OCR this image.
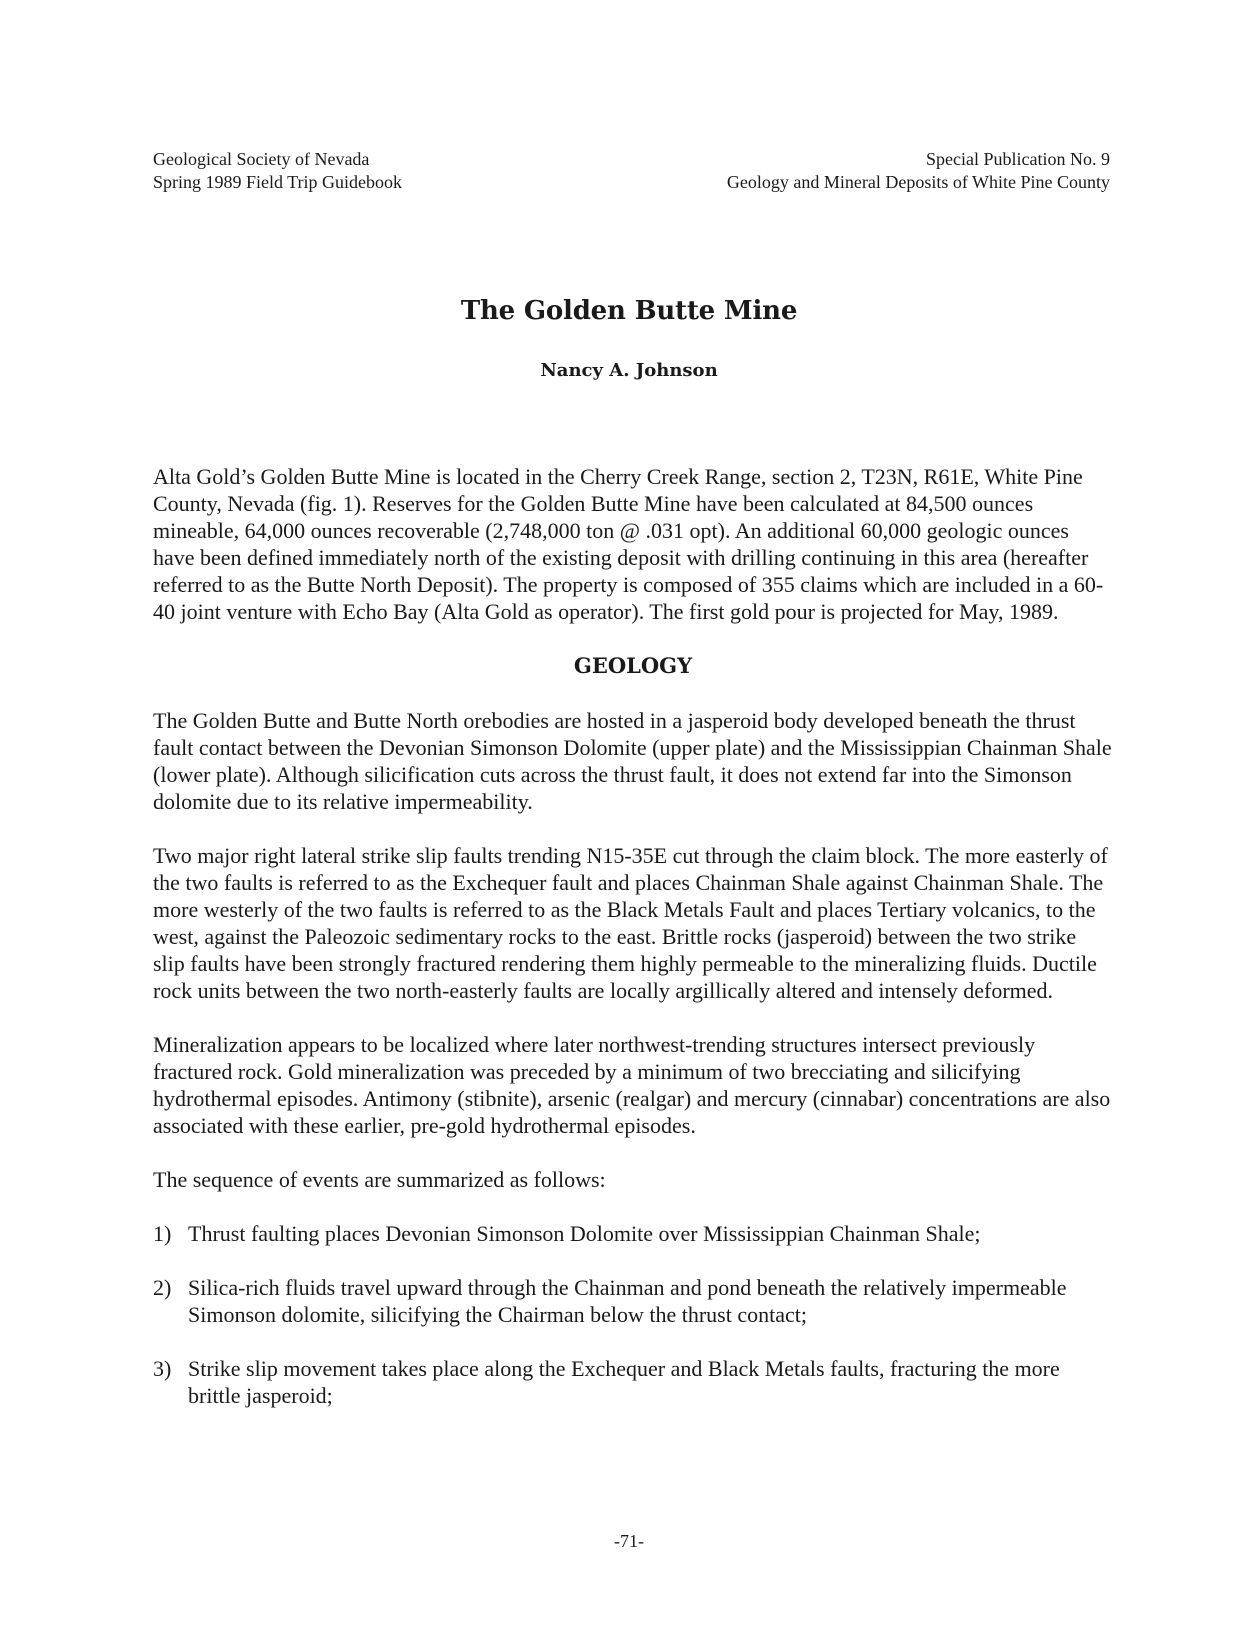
Geological Society of Nevada
Spring 1989 Field Trip Guidebook
Special Publication No. 9
Geology and Mineral Deposits of White Pine County
The Golden Butte Mine
Nancy A. Johnson

Alta Gold’s Golden Butte Mine is located in the Cherry Creek Range, section 2, T23N, R61E, White Pine County, Nevada (fig. 1). Reserves for the Golden Butte Mine have been calculated at 84,500 ounces mineable, 64,000 ounces recoverable (2,748,000 ton @ .031 opt). An additional 60,000 geologic ounces have been defined immediately north of the existing deposit with drilling continuing in this area (hereafter referred to as the Butte North Deposit). The property is composed of 355 claims which are included in a 60-40 joint venture with Echo Bay (Alta Gold as operator). The first gold pour is projected for May, 1989.

GEOLOGY

The Golden Butte and Butte North orebodies are hosted in a jasperoid body developed beneath the thrust fault contact between the Devonian Simonson Dolomite (upper plate) and the Mississippian Chainman Shale (lower plate). Although silicification cuts across the thrust fault, it does not extend far into the Simonson dolomite due to its relative impermeability.

Two major right lateral strike slip faults trending N15-35E cut through the claim block. The more easterly of the two faults is referred to as the Exchequer fault and places Chainman Shale against Chainman Shale. The more westerly of the two faults is referred to as the Black Metals Fault and places Tertiary volcanics, to the west, against the Paleozoic sedimentary rocks to the east. Brittle rocks (jasperoid) between the two strike slip faults have been strongly fractured rendering them highly permeable to the mineralizing fluids. Ductile rock units between the two north-easterly faults are locally argillically altered and intensely deformed.

Mineralization appears to be localized where later northwest-trending structures intersect previously fractured rock. Gold mineralization was preceded by a minimum of two brecciating and silicifying hydrothermal episodes. Antimony (stibnite), arsenic (realgar) and mercury (cinnabar) concentrations are also associated with these earlier, pre-gold hydrothermal episodes.

The sequence of events are summarized as follows:

1) Thrust faulting places Devonian Simonson Dolomite over Mississippian Chainman Shale;
2) Silica-rich fluids travel upward through the Chainman and pond beneath the relatively impermeable Simonson dolomite, silicifying the Chairman below the thrust contact;
3) Strike slip movement takes place along the Exchequer and Black Metals faults, fracturing the more brittle jasperoid;
-71-
